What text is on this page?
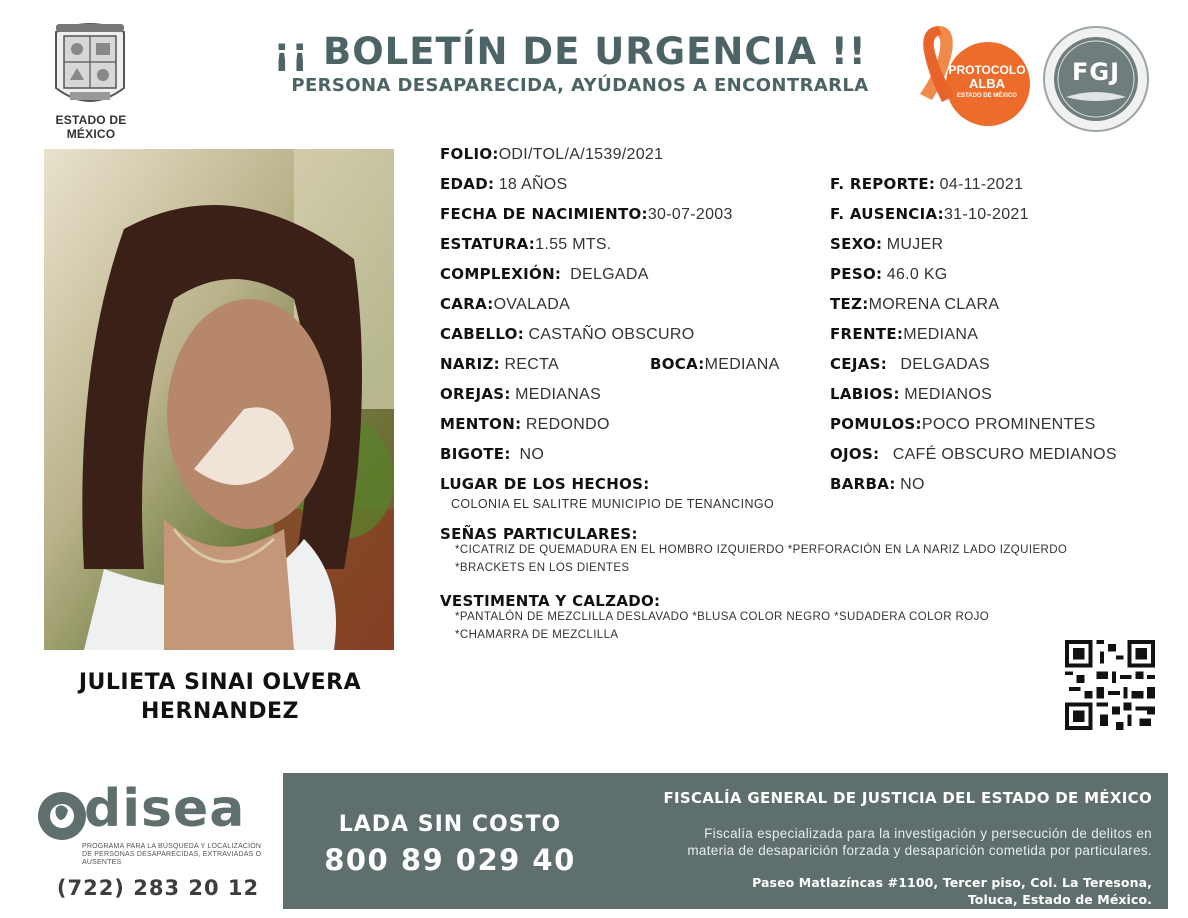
ESTADO DE MÉXICO
¡¡ BOLETÍN DE URGENCIA !!
PERSONA DESAPARECIDA, AYÚDANOS A ENCONTRARLA
PROTOCOLO
ALBA
ESTADO DE MÉXICO
FGJ
JULIETA SINAI OLVERA
HERNANDEZ
FOLIO:ODI/TOL/A/1539/2021
EDAD: 18 AÑOS
FECHA DE NACIMIENTO:30-07-2003
ESTATURA:1.55 MTS.
COMPLEXIÓN: DELGADA
CARA:OVALADA
CABELLO: CASTAÑO OBSCURO
NARIZ: RECTA	BOCA:MEDIANA
OREJAS: MEDIANAS
MENTON: REDONDO
BIGOTE: NO
LUGAR DE LOS HECHOS:
COLONIA EL SALITRE MUNICIPIO DE TENANCINGO
F. REPORTE: 04-11-2021
F. AUSENCIA:31-10-2021
SEXO: MUJER
PESO: 46.0 KG
TEZ:MORENA CLARA
FRENTE:MEDIANA
CEJAS: DELGADAS
LABIOS: MEDIANOS
POMULOS:POCO PROMINENTES
OJOS: CAFÉ OBSCURO MEDIANOS
BARBA: NO
SEÑAS PARTICULARES:
*CICATRIZ DE QUEMADURA EN EL HOMBRO IZQUIERDO *PERFORACIÓN EN LA NARIZ LADO IZQUIERDO
*BRACKETS EN LOS DIENTES
VESTIMENTA Y CALZADO:
*PANTALÓN DE MEZCLILLA DESLAVADO *BLUSA COLOR NEGRO *SUDADERA COLOR ROJO
*CHAMARRA DE MEZCLILLA
disea
PROGRAMA PARA LA BÚSQUEDA Y LOCALIZACIÓN DE PERSONAS DESAPARECIDAS, EXTRAVIADAS O AUSENTES
(722) 283 20 12
LADA SIN COSTO
800 89 029 40
FISCALÍA GENERAL DE JUSTICIA DEL ESTADO DE MÉXICO
Fiscalía especializada para la investigación y persecución de delitos en
materia de desaparición forzada y desaparición cometida por particulares.
Paseo Matlazíncas #1100, Tercer piso, Col. La Teresona,
Toluca, Estado de México.
